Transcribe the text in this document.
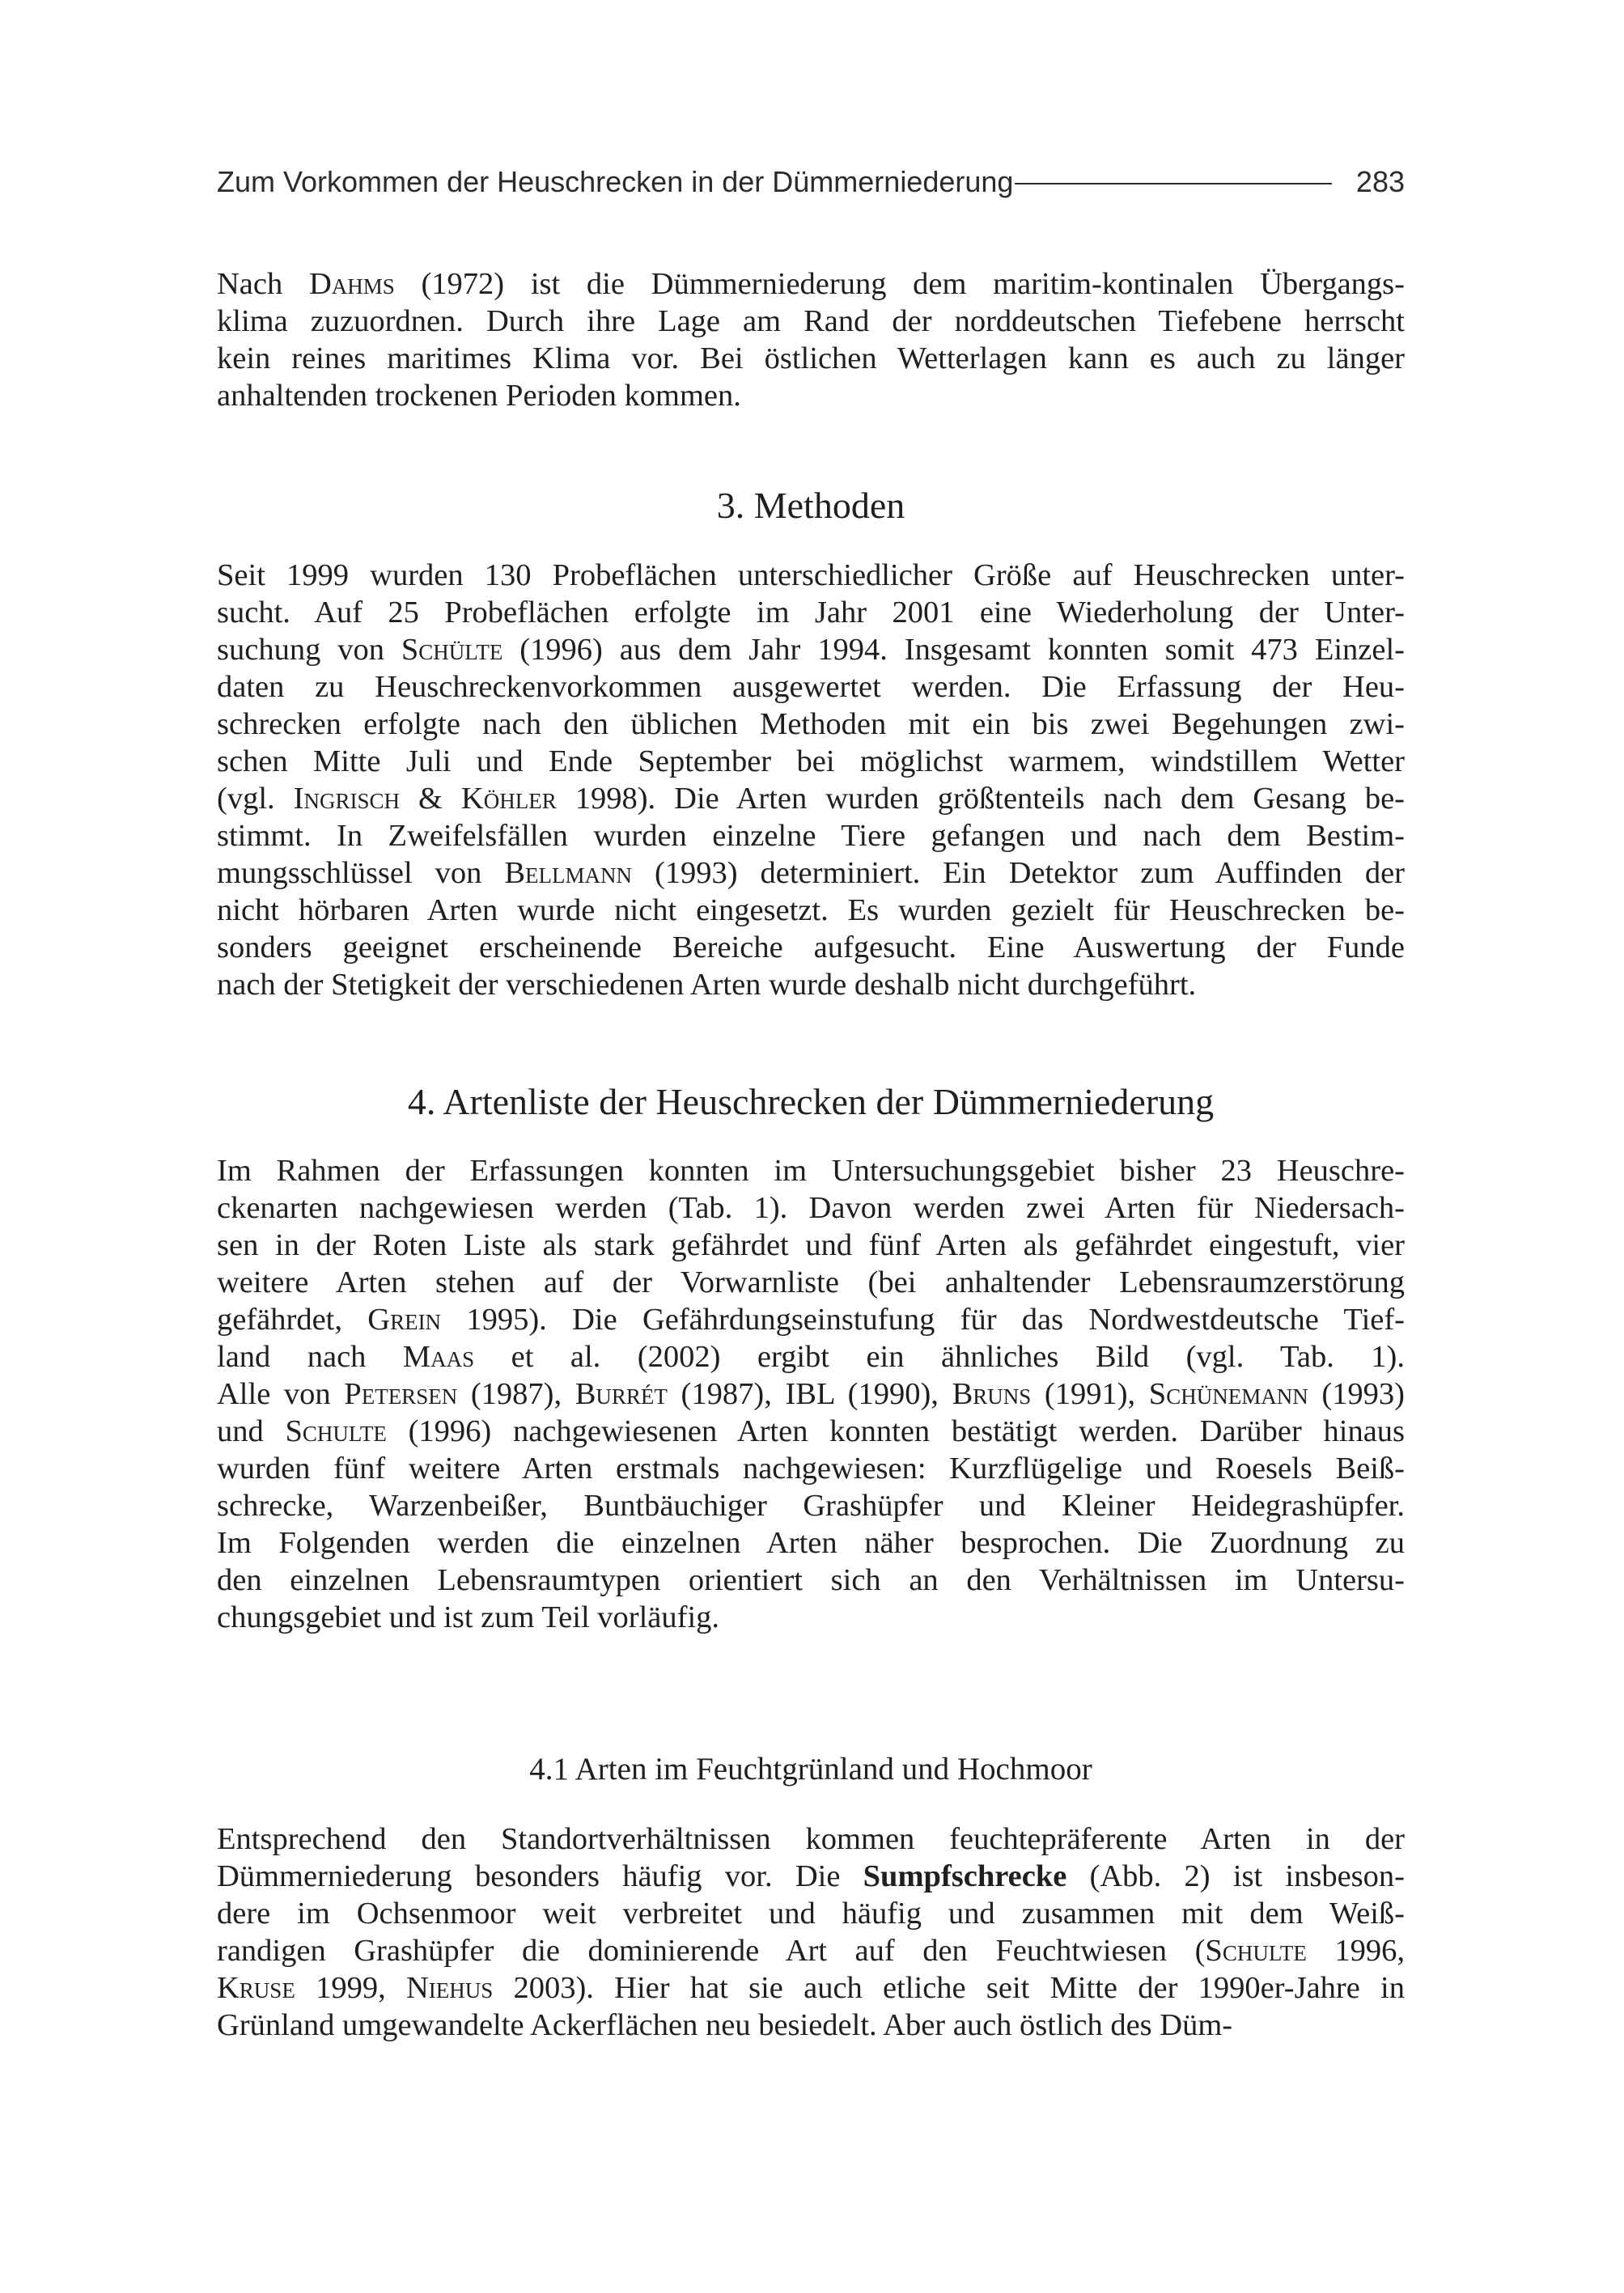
Zum Vorkommen der Heuschrecken in der Dümmerniederung	283
Nach Dahms (1972) ist die Dümmerniederung dem maritim-kontinalen Übergangs-
klima zuzuordnen. Durch ihre Lage am Rand der norddeutschen Tiefebene herrscht
kein reines maritimes Klima vor. Bei östlichen Wetterlagen kann es auch zu länger
anhaltenden trockenen Perioden kommen.
3. Methoden
Seit 1999 wurden 130 Probeflächen unterschiedlicher Größe auf Heuschrecken unter-
sucht. Auf 25 Probeflächen erfolgte im Jahr 2001 eine Wiederholung der Unter-
suchung von Schülte (1996) aus dem Jahr 1994. Insgesamt konnten somit 473 Einzel-
daten zu Heuschreckenvorkommen ausgewertet werden. Die Erfassung der Heu-
schrecken erfolgte nach den üblichen Methoden mit ein bis zwei Begehungen zwi-
schen Mitte Juli und Ende September bei möglichst warmem, windstillem Wetter
(vgl. Ingrisch & Köhler 1998). Die Arten wurden größtenteils nach dem Gesang be-
stimmt. In Zweifelsfällen wurden einzelne Tiere gefangen und nach dem Bestim-
mungsschlüssel von Bellmann (1993) determiniert. Ein Detektor zum Auffinden der
nicht hörbaren Arten wurde nicht eingesetzt. Es wurden gezielt für Heuschrecken be-
sonders geeignet erscheinende Bereiche aufgesucht. Eine Auswertung der Funde
nach der Stetigkeit der verschiedenen Arten wurde deshalb nicht durchgeführt.
4. Artenliste der Heuschrecken der Dümmerniederung
Im Rahmen der Erfassungen konnten im Untersuchungsgebiet bisher 23 Heuschre-
ckenarten nachgewiesen werden (Tab. 1). Davon werden zwei Arten für Niedersach-
sen in der Roten Liste als stark gefährdet und fünf Arten als gefährdet eingestuft, vier
weitere Arten stehen auf der Vorwarnliste (bei anhaltender Lebensraumzerstörung
gefährdet, Grein 1995). Die Gefährdungseinstufung für das Nordwestdeutsche Tief-
land nach Maas et al. (2002) ergibt ein ähnliches Bild (vgl. Tab. 1).
Alle von Petersen (1987), Burrét (1987), IBL (1990), Bruns (1991), Schünemann (1993)
und Schulte (1996) nachgewiesenen Arten konnten bestätigt werden. Darüber hinaus
wurden fünf weitere Arten erstmals nachgewiesen: Kurzflügelige und Roesels Beiß-
schrecke, Warzenbeißer, Buntbäuchiger Grashüpfer und Kleiner Heidegrashüpfer.
Im Folgenden werden die einzelnen Arten näher besprochen. Die Zuordnung zu
den einzelnen Lebensraumtypen orientiert sich an den Verhältnissen im Untersu-
chungsgebiet und ist zum Teil vorläufig.
4.1 Arten im Feuchtgrünland und Hochmoor
Entsprechend den Standortverhältnissen kommen feuchtepräferente Arten in der
Dümmerniederung besonders häufig vor. Die Sumpfschrecke (Abb. 2) ist insbeson-
dere im Ochsenmoor weit verbreitet und häufig und zusammen mit dem Weiß-
randigen Grashüpfer die dominierende Art auf den Feuchtwiesen (Schulte 1996,
Kruse 1999, Niehus 2003). Hier hat sie auch etliche seit Mitte der 1990er-Jahre in
Grünland umgewandelte Ackerflächen neu besiedelt. Aber auch östlich des Düm-
